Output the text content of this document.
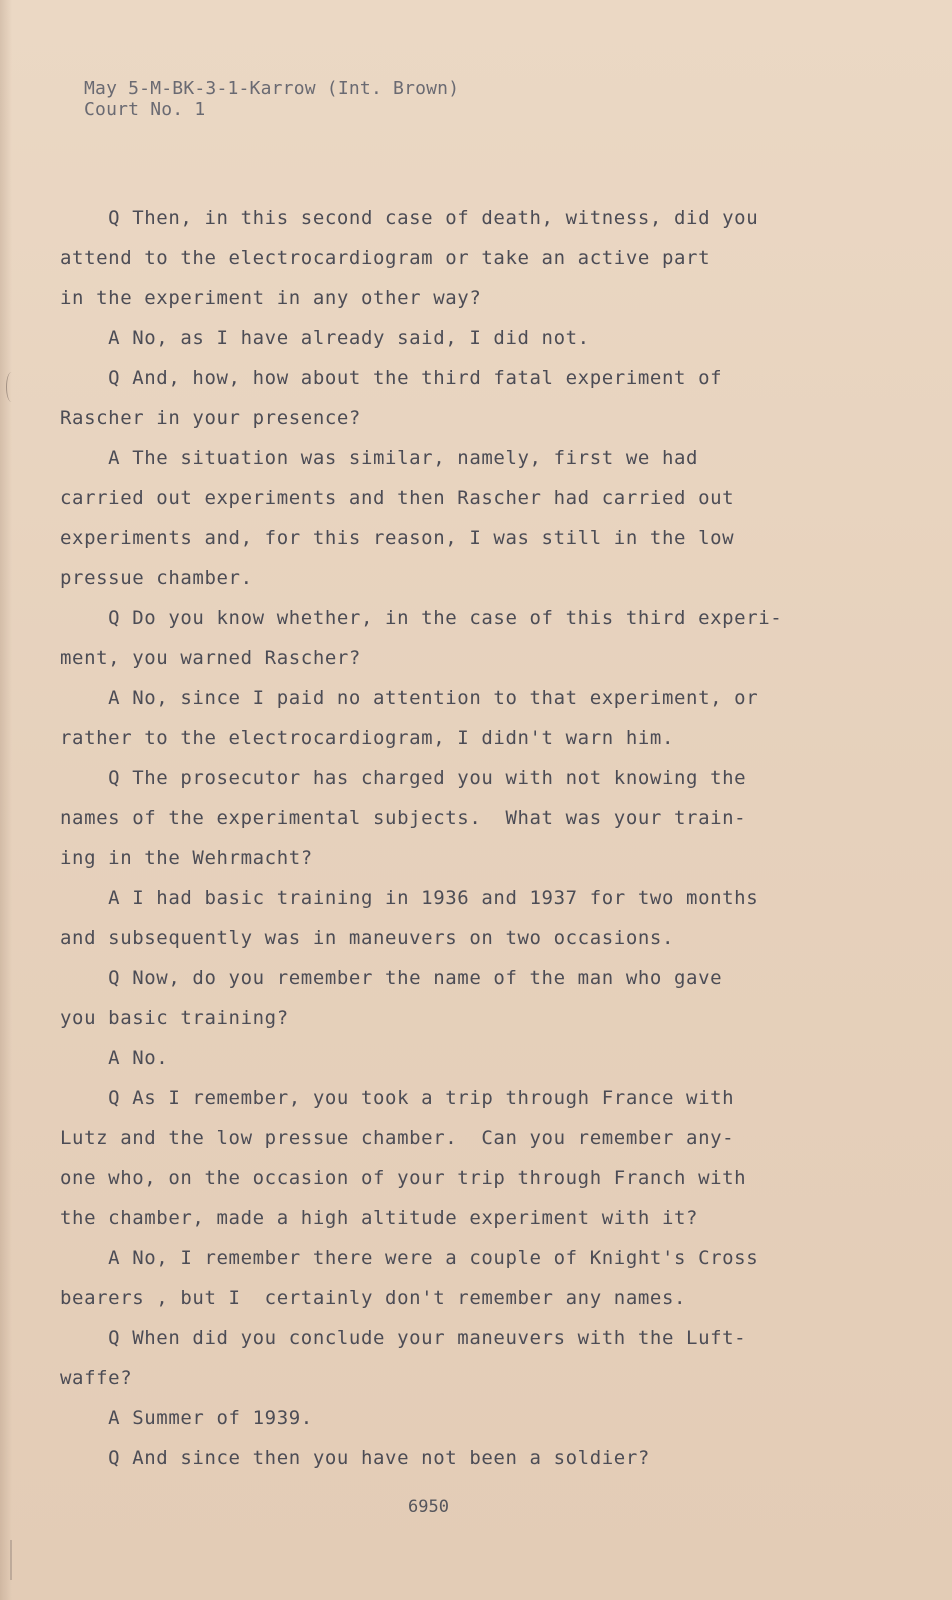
May 5-M-BK-3-1-Karrow (Int. Brown)
Court No. 1
Q Then, in this second case of death, witness, did you
attend to the electrocardiogram or take an active part
in the experiment in any other way?
A No, as I have already said, I did not.
Q And, how, how about the third fatal experiment of
Rascher in your presence?
A The situation was similar, namely, first we had
carried out experiments and then Rascher had carried out
experiments and, for this reason, I was still in the low
pressue chamber.
Q Do you know whether, in the case of this third experi-
ment, you warned Rascher?
A No, since I paid no attention to that experiment, or
rather to the electrocardiogram, I didn't warn him.
Q The prosecutor has charged you with not knowing the
names of the experimental subjects.  What was your train-
ing in the Wehrmacht?
A I had basic training in 1936 and 1937 for two months
and subsequently was in maneuvers on two occasions.
Q Now, do you remember the name of the man who gave
you basic training?
A No.
Q As I remember, you took a trip through France with
Lutz and the low pressue chamber.  Can you remember any-
one who, on the occasion of your trip through Franch with
the chamber, made a high altitude experiment with it?
A No, I remember there were a couple of Knight's Cross
bearers , but I  certainly don't remember any names.
Q When did you conclude your maneuvers with the Luft-
waffe?
A Summer of 1939.
Q And since then you have not been a soldier?
6950
